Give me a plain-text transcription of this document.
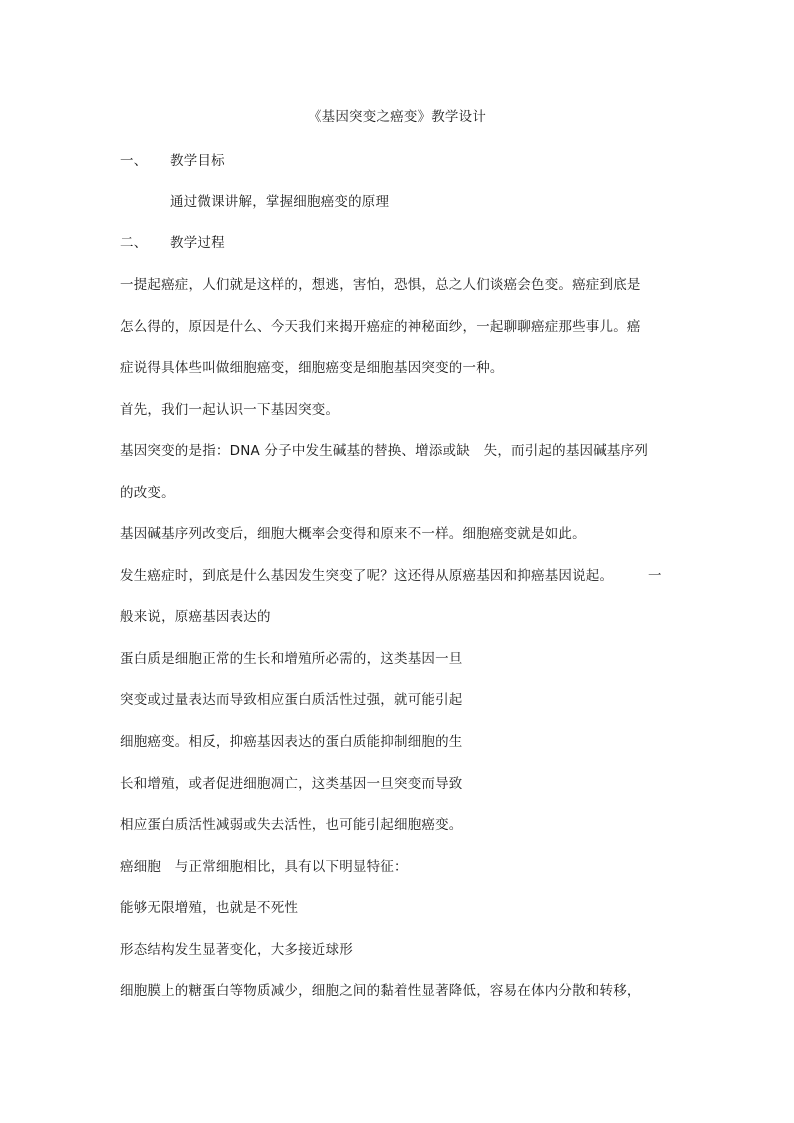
《基因突变之癌变》教学设计
一、 教学目标
通过微课讲解，掌握细胞癌变的原理
二、 教学过程
一提起癌症，人们就是这样的，想逃，害怕，恐惧，总之人们谈癌会色变。癌症到底是
怎么得的，原因是什么、今天我们来揭开癌症的神秘面纱，一起聊聊癌症那些事儿。癌
症说得具体些叫做细胞癌变，细胞癌变是细胞基因突变的一种。
首先，我们一起认识一下基因突变。
基因突变的是指：DNA 分子中发生碱基的替换、增添或缺　失，而引起的基因碱基序列
的改变。
基因碱基序列改变后，细胞大概率会变得和原来不一样。细胞癌变就是如此。
发生癌症时，到底是什么基因发生突变了呢？这还得从原癌基因和抑癌基因说起。	一
般来说，原癌基因表达的
蛋白质是细胞正常的生长和增殖所必需的，这类基因一旦
突变或过量表达而导致相应蛋白质活性过强，就可能引起
细胞癌变。相反，抑癌基因表达的蛋白质能抑制细胞的生
长和增殖，或者促进细胞凋亡，这类基因一旦突变而导致
相应蛋白质活性减弱或失去活性，也可能引起细胞癌变。
癌细胞　与正常细胞相比，具有以下明显特征：
能够无限增殖，也就是不死性
形态结构发生显著变化，大多接近球形
细胞膜上的糖蛋白等物质减少，细胞之间的黏着性显著降低，容易在体内分散和转移，
